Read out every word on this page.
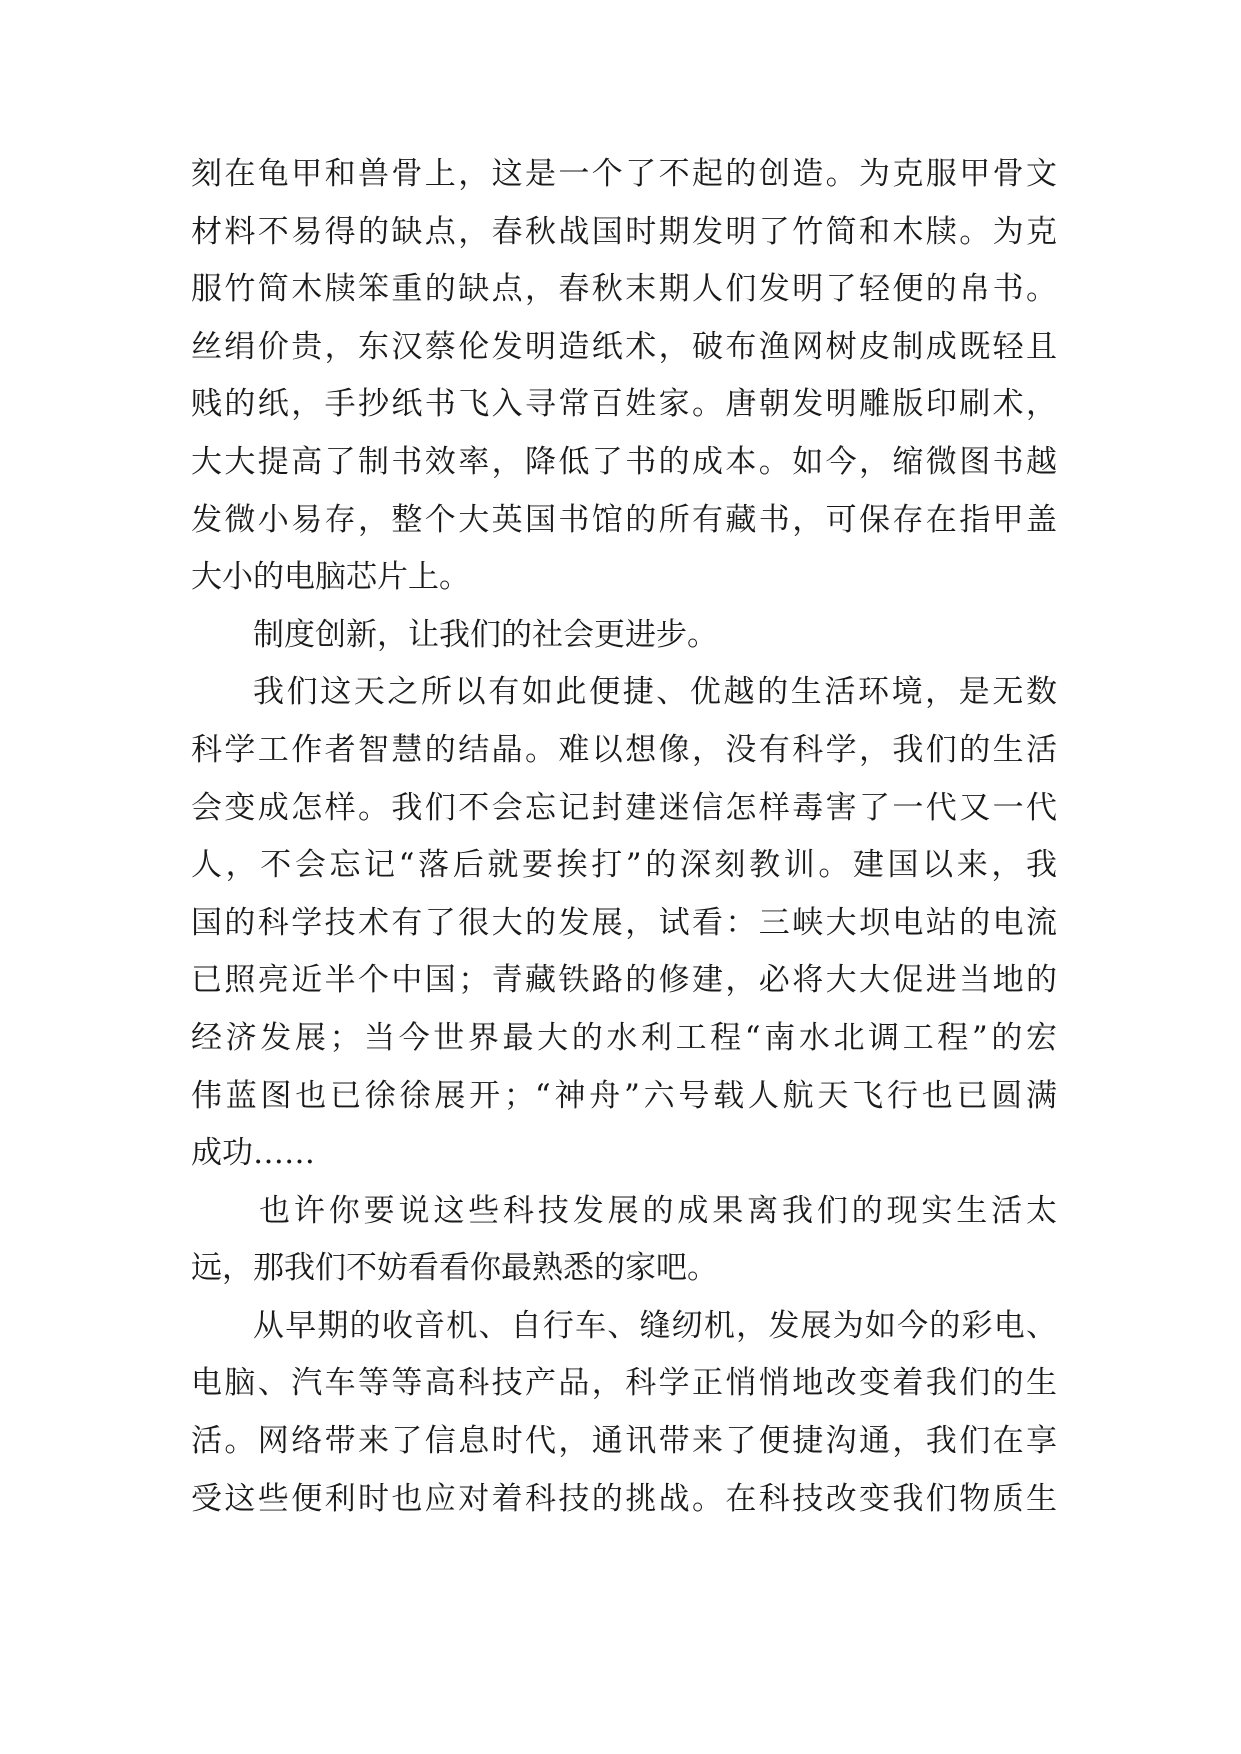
刻在龟甲和兽骨上，这是一个了不起的创造。为克服甲骨文
材料不易得的缺点，春秋战国时期发明了竹简和木牍。为克
服竹简木牍笨重的缺点，春秋末期人们发明了轻便的帛书。
丝绢价贵，东汉蔡伦发明造纸术，破布渔网树皮制成既轻且
贱的纸，手抄纸书飞入寻常百姓家。唐朝发明雕版印刷术，
大大提高了制书效率，降低了书的成本。如今，缩微图书越
发微小易存，整个大英国书馆的所有藏书，可保存在指甲盖
大小的电脑芯片上。
制度创新，让我们的社会更进步。
我们这天之所以有如此便捷、优越的生活环境，是无数
科学工作者智慧的结晶。难以想像，没有科学，我们的生活
会变成怎样。我们不会忘记封建迷信怎样毒害了一代又一代
人，不会忘记“落后就要挨打”的深刻教训。建国以来，我
国的科学技术有了很大的发展，试看：三峡大坝电站的电流
已照亮近半个中国；青藏铁路的修建，必将大大促进当地的
经济发展；当今世界最大的水利工程“南水北调工程”的宏
伟蓝图也已徐徐展开；“神舟”六号载人航天飞行也已圆满
成功……
也许你要说这些科技发展的成果离我们的现实生活太
远，那我们不妨看看你最熟悉的家吧。
从早期的收音机、自行车、缝纫机，发展为如今的彩电、
电脑、汽车等等高科技产品，科学正悄悄地改变着我们的生
活。网络带来了信息时代，通讯带来了便捷沟通，我们在享
受这些便利时也应对着科技的挑战。在科技改变我们物质生
